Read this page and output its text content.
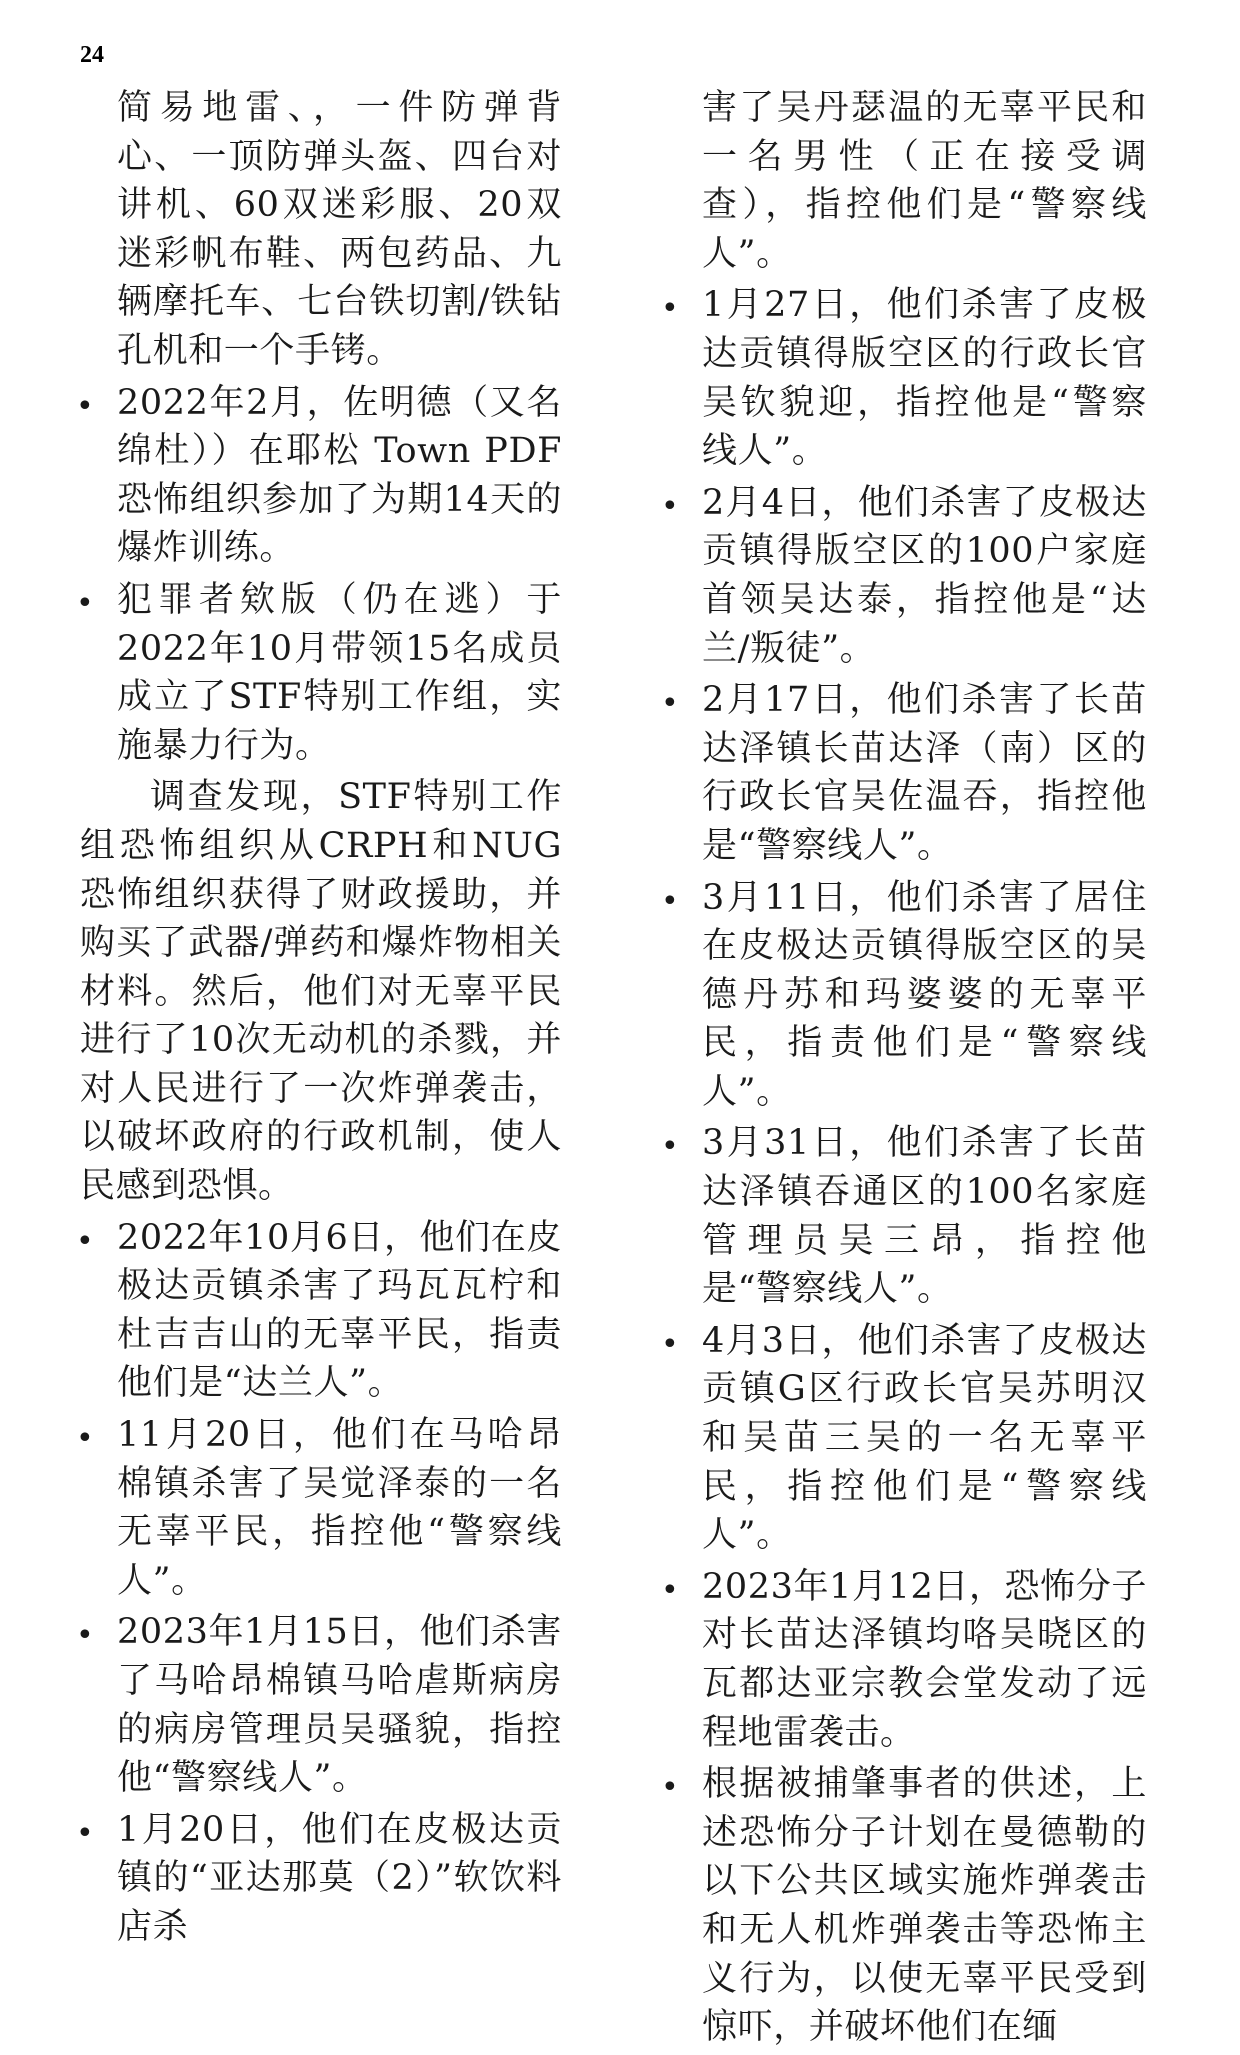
24
简易地雷、，一件防弹背心、一顶防弹头盔、四台对讲机、60双迷彩服、20双迷彩帆布鞋、两包药品、九辆摩托车、七台铁切割/铁钻孔机和一个手铐。
• 2022年2月，佐明德（又名绵杜））在耶松 Town PDF恐怖组织参加了为期14天的爆炸训练。
• 犯罪者欸版（仍在逃）于2022年10月带领15名成员成立了STF特别工作组，实施暴力行为。
调查发现，STF特别工作组恐怖组织从CRPH和NUG恐怖组织获得了财政援助，并购买了武器/弹药和爆炸物相关材料。然后，他们对无辜平民进行了10次无动机的杀戮，并对人民进行了一次炸弹袭击，以破坏政府的行政机制，使人民感到恐惧。
• 2022年10月6日，他们在皮极达贡镇杀害了玛瓦瓦柠和杜吉吉山的无辜平民，指责他们是“达兰人”。
• 11月20日，他们在马哈昂棉镇杀害了吴觉泽泰的一名无辜平民，指控他“警察线人”。
• 2023年1月15日，他们杀害了马哈昂棉镇马哈虐斯病房的病房管理员吴骚貌，指控他“警察线人”。
• 1月20日，他们在皮极达贡镇的“亚达那莫（2）”软饮料店杀
害了吴丹瑟温的无辜平民和一名男性（正在接受调查），指控他们是“警察线人”。
• 1月27日，他们杀害了皮极达贡镇得版空区的行政长官吴钦貌迎，指控他是“警察线人”。
• 2月4日，他们杀害了皮极达贡镇得版空区的100户家庭首领吴达泰，指控他是“达兰/叛徒”。
• 2月17日，他们杀害了长苗达泽镇长苗达泽（南）区的行政长官吴佐温吞，指控他是“警察线人”。
• 3月11日，他们杀害了居住在皮极达贡镇得版空区的吴德丹苏和玛婆婆的无辜平民，指责他们是“警察线人”。
• 3月31日，他们杀害了长苗达泽镇吞通区的100名家庭管理员吴三昂，指控他是“警察线人”。
• 4月3日，他们杀害了皮极达贡镇G区行政长官吴苏明汉和吴苗三吴的一名无辜平民，指控他们是“警察线人”。
• 2023年1月12日，恐怖分子对长苗达泽镇均咯吴晓区的瓦都达亚宗教会堂发动了远程地雷袭击。
• 根据被捕肇事者的供述，上述恐怖分子计划在曼德勒的以下公共区域实施炸弹袭击和无人机炸弹袭击等恐怖主义行为，以使无辜平民受到惊吓，并破坏他们在缅
